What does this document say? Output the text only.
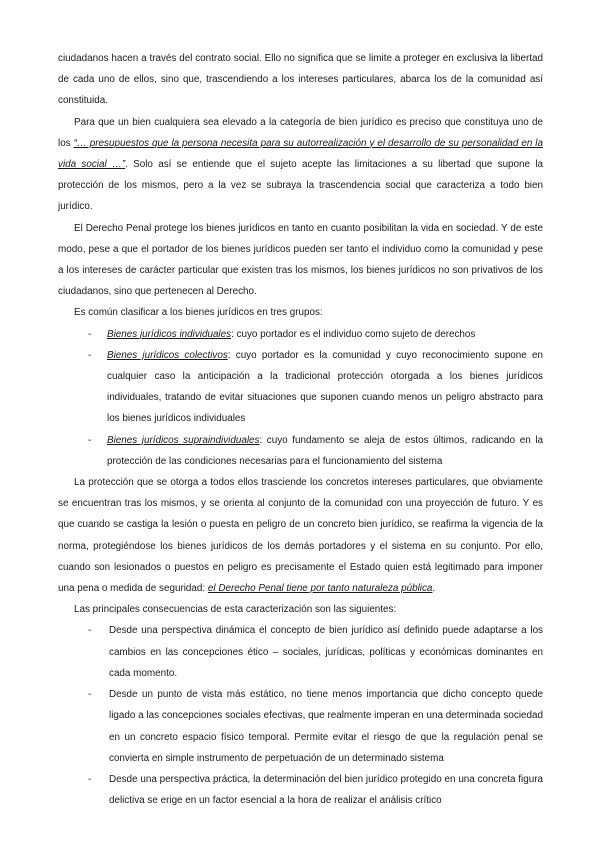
ciudadanos hacen a través del contrato social. Ello no significa que se limite a proteger en exclusiva la libertad de cada uno de ellos, sino que, trascendiendo a los intereses particulares, abarca los de la comunidad así constituida.

Para que un bien cualquiera sea elevado a la categoría de bien jurídico es preciso que constituya uno de los “… presupuestos que la persona necesita para su autorrealización y el desarrollo de su personalidad en la vida social …”. Solo así se entiende que el sujeto acepte las limitaciones a su libertad que supone la protección de los mismos, pero a la vez se subraya la trascendencia social que caracteriza a todo bien jurídico.

El Derecho Penal protege los bienes jurídicos en tanto en cuanto posibilitan la vida en sociedad. Y de este modo, pese a que el portador de los bienes jurídicos pueden ser tanto el individuo como la comunidad y pese a los intereses de carácter particular que existen tras los mismos, los bienes jurídicos no son privativos de los ciudadanos, sino que pertenecen al Derecho.

Es común clasificar a los bienes jurídicos en tres grupos:

- Bienes jurídicos individuales: cuyo portador es el individuo como sujeto de derechos
- Bienes jurídicos colectivos: cuyo portador es la comunidad y cuyo reconocimiento supone en cualquier caso la anticipación a la tradicional protección otorgada a los bienes jurídicos individuales, tratando de evitar situaciones que suponen cuando menos un peligro abstracto para los bienes jurídicos individuales
- Bienes jurídicos supraindividuales: cuyo fundamento se aleja de estos últimos, radicando en la protección de las condiciones necesarias para el funcionamiento del sistema

La protección que se otorga a todos ellos trasciende los concretos intereses particulares, que obviamente se encuentran tras los mismos, y se orienta al conjunto de la comunidad con una proyección de futuro. Y es que cuando se castiga la lesión o puesta en peligro de un concreto bien jurídico, se reafirma la vigencia de la norma, protegiéndose los bienes jurídicos de los demás portadores y el sistema en su conjunto. Por ello, cuando son lesionados o puestos en peligro es precisamente el Estado quien está legitimado para imponer una pena o medida de seguridad: el Derecho Penal tiene por tanto naturaleza pública.

Las principales consecuencias de esta caracterización son las siguientes:

- Desde una perspectiva dinámica el concepto de bien jurídico así definido puede adaptarse a los cambios en las concepciones ético – sociales, jurídicas, políticas y económicas dominantes en cada momento.
- Desde un punto de vista más estático, no tiene menos importancia que dicho concepto quede ligado a las concepciones sociales efectivas, que realmente imperan en una determinada sociedad en un concreto espacio físico temporal. Permite evitar el riesgo de que la regulación penal se convierta en simple instrumento de perpetuación de un determinado sistema
- Desde una perspectiva práctica, la determinación del bien jurídico protegido en una concreta figura delictiva se erige en un factor esencial a la hora de realizar el análisis crítico
